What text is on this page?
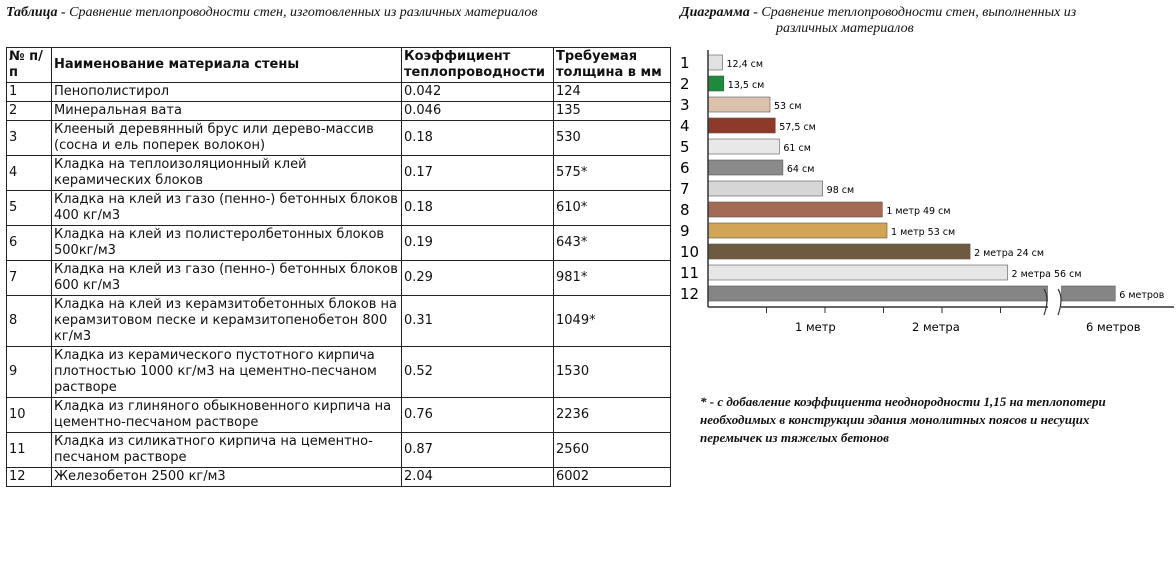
Таблица - Сравнение теплопроводности стен, изготовленных из различных материалов	Диаграмма - Сравнение теплопроводности стен, выполненных из
различных материалов
№ п/п	Наименование материала стены	Коэффициент теплопроводности	Требуемая толщина в мм
1	Пенополистирол	0.042	124
2	Минеральная вата	0.046	135
3	Клееный деревянный брус или дерево-массив (сосна и ель поперек волокон)	0.18	530
4	Кладка на теплоизоляционный клей керамических блоков	0.17	575*
5	Кладка на клей из газо (пенно-) бетонных блоков 400 кг/м3	0.18	610*
6	Кладка на клей из полистеролбетонных блоков 500кг/м3	0.19	643*
7	Кладка на клей из газо (пенно-) бетонных блоков 600 кг/м3	0.29	981*
8	Кладка на клей из керамзитобетонных блоков на керамзитовом песке и керамзитопенобетон 800 кг/м3	0.31	1049*
9	Кладка из керамического пустотного кирпича плотностью 1000 кг/м3 на цементно-песчаном растворе	0.52	1530
10	Кладка из глиняного обыкновенного кирпича на цементно-песчаном растворе	0.76	2236
11	Кладка из силикатного кирпича на цементно-песчаном растворе	0.87	2560
12	Железобетон 2500 кг/м3	2.04	6002
1	12,4 см
2	13,5 см
3	53 см
4	57,5 см
5	61 см
6	64 см
7	98 см
8	1 метр 49 см
9	1 метр 53 см
10	2 метра 24 см
11	2 метра 56 см
12	6 метров
1 метр	2 метра	6 метров
* - с добавление коэффициента неоднородности 1,15 на теплопотери необходимых в конструкции здания монолитных поясов и несущих перемычек из тяжелых бетонов
